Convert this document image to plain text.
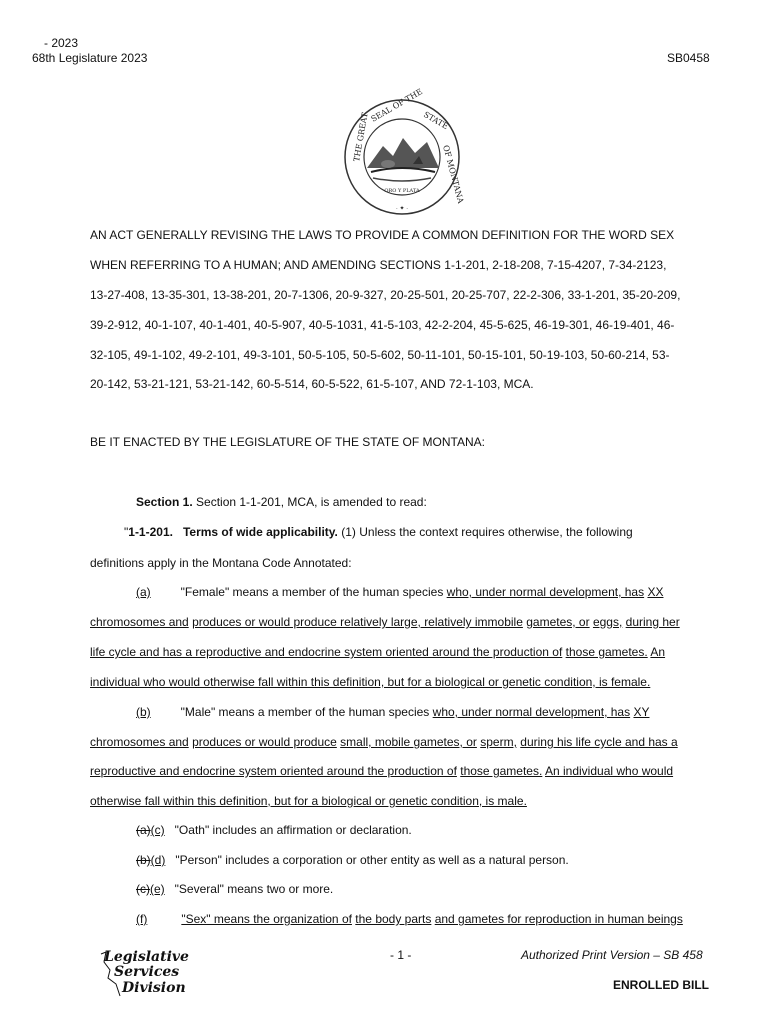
- 2023
68th Legislature 2023	SB0458
ORO Y PLATA
THE GREAT
SEAL OF THE
STATE
OF MONTANA
· ✦ ·
AN ACT GENERALLY REVISING THE LAWS TO PROVIDE A COMMON DEFINITION FOR THE WORD SEX
WHEN REFERRING TO A HUMAN; AND AMENDING SECTIONS 1-1-201, 2-18-208, 7-15-4207, 7-34-2123,
13-27-408, 13-35-301, 13-38-201, 20-7-1306, 20-9-327, 20-25-501, 20-25-707, 22-2-306, 33-1-201, 35-20-209,
39-2-912, 40-1-107, 40-1-401, 40-5-907, 40-5-1031, 41-5-103, 42-2-204, 45-5-625, 46-19-301, 46-19-401, 46-
32-105, 49-1-102, 49-2-101, 49-3-101, 50-5-105, 50-5-602, 50-11-101, 50-15-101, 50-19-103, 50-60-214, 53-
20-142, 53-21-121, 53-21-142, 60-5-514, 60-5-522, 61-5-107, AND 72-1-103, MCA.
BE IT ENACTED BY THE LEGISLATURE OF THE STATE OF MONTANA:
Section 1. Section 1-1-201, MCA, is amended to read:
"1-1-201. Terms of wide applicability. (1) Unless the context requires otherwise, the following
definitions apply in the Montana Code Annotated:
(a)	"Female" means a member of the human species who, under normal development, has XX
chromosomes and produces or would produce relatively large, relatively immobile gametes, or eggs, during her
life cycle and has a reproductive and endocrine system oriented around the production of those gametes. An
individual who would otherwise fall within this definition, but for a biological or genetic condition, is female.
(b)	"Male" means a member of the human species who, under normal development, has XY
chromosomes and produces or would produce small, mobile gametes, or sperm, during his life cycle and has a
reproductive and endocrine system oriented around the production of those gametes. An individual who would
otherwise fall within this definition, but for a biological or genetic condition, is male.
(a)(c) "Oath" includes an affirmation or declaration.
(b)(d) "Person" includes a corporation or other entity as well as a natural person.
(c)(e) "Several" means two or more.
(f)	"Sex" means the organization of the body parts and gametes for reproduction in human beings
Legislative
Services
Division
- 1 -	Authorized Print Version – SB 458
ENROLLED BILL
